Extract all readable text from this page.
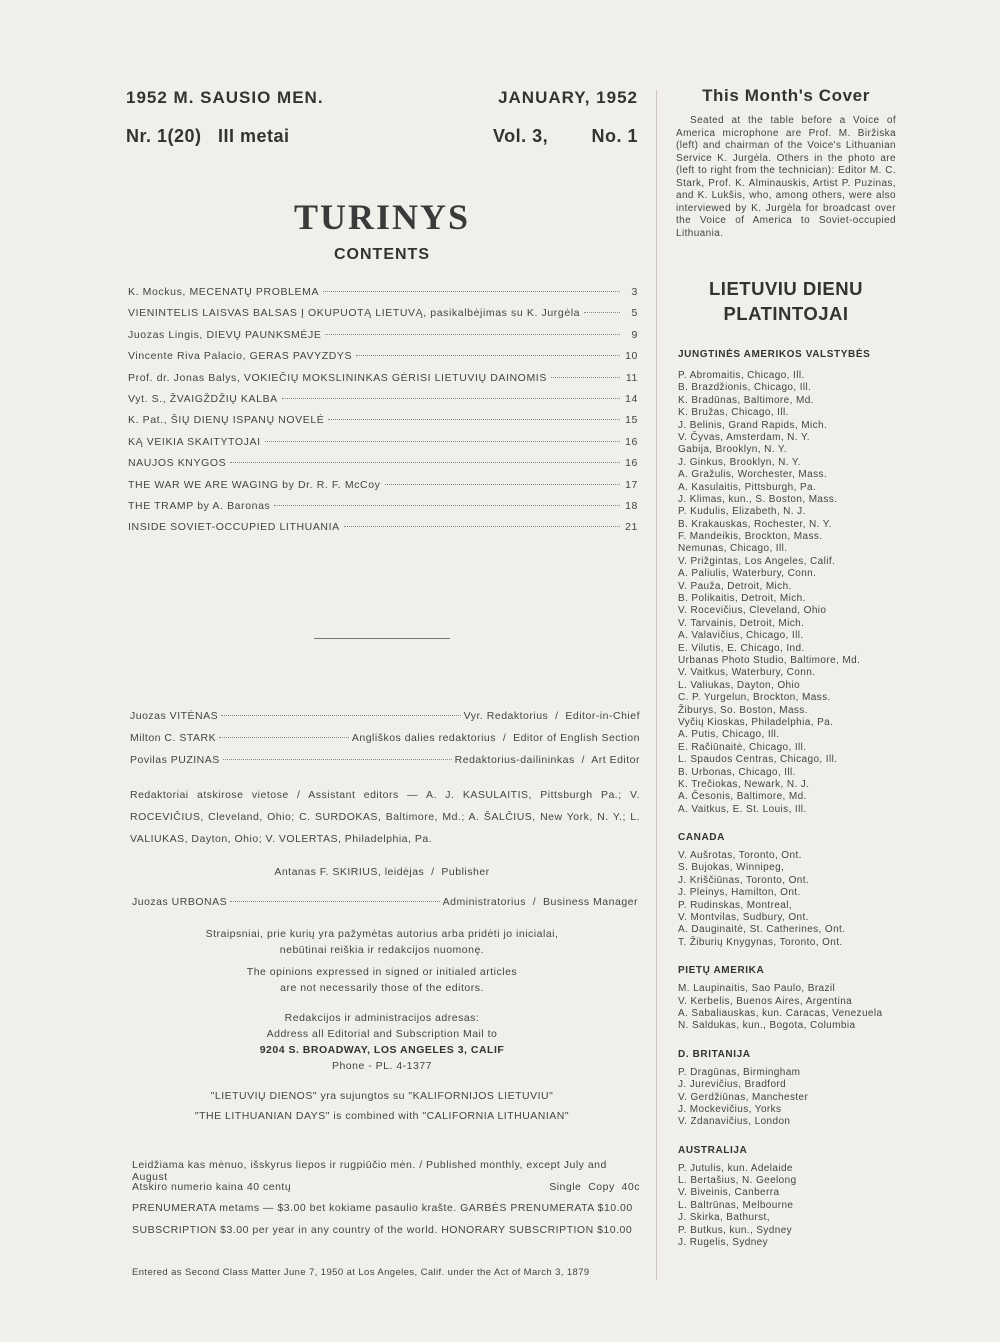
1952 M. SAUSIO MEN.	JANUARY, 1952
Nr. 1(20)   III metai	Vol. 3, No. 1
TURINYS
CONTENTS
K. Mockus, MECENATŲ PROBLEMA	3
VIENINTELIS LAISVAS BALSAS Į OKUPUOTĄ LIETUVĄ, pasikalbėjimas su K. Jurgėla	5
Juozas Lingis, DIEVŲ PAUNKSMĖJE	9
Vincente Riva Palacio, GERAS PAVYZDYS	10
Prof. dr. Jonas Balys, VOKIEČIŲ MOKSLININKAS GĖRISI LIETUVIŲ DAINOMIS	11
Vyt. S., ŽVAIGŽDŽIŲ KALBA	14
K. Pat., ŠIŲ DIENŲ ISPANŲ NOVELĖ	15
KĄ VEIKIA SKAITYTOJAI	16
NAUJOS KNYGOS	16
THE WAR WE ARE WAGING by Dr. R. F. McCoy	17
THE TRAMP by A. Baronas	18
INSIDE SOVIET-OCCUPIED LITHUANIA	21
Juozas VITĖNAS	Vyr. Redaktorius  /  Editor-in-Chief
Milton C. STARK	Angliškos dalies redaktorius  /  Editor of English Section
Povilas PUZINAS	Redaktorius-dailininkas  /  Art Editor
Redaktoriai atskirose vietose / Assistant editors — A. J. KASULAITIS, Pittsburgh Pa.; V. ROCEVIČIUS, Cleveland, Ohio; C. SURDOKAS, Baltimore, Md.; A. ŠALČIUS, New York, N. Y.; L. VALIUKAS, Dayton, Ohio; V. VOLERTAS, Philadelphia, Pa.
Antanas F. SKIRIUS, leidėjas  /  Publisher
Juozas URBONAS	Administratorius  /  Business Manager
Straipsniai, prie kurių yra pažymėtas autorius arba pridėti jo inicialai,
nebūtinai reiškia ir redakcijos nuomonę.
The opinions expressed in signed or initialed articles
are not necessarily those of the editors.
Redakcijos ir administracijos adresas:
Address all Editorial and Subscription Mail to
9204 S. BROADWAY, LOS ANGELES 3, CALIF
Phone - PL. 4-1377
"LIETUVIŲ DIENOS" yra sujungtos su "KALIFORNIJOS LIETUVIU"
"THE LITHUANIAN DAYS" is combined with "CALIFORNIA LITHUANIAN"
Leidžiama kas mėnuo, išskyrus liepos ir rugpiūčio mėn. / Published monthly, except July and August
Atskiro numerio kaina 40 centų	Single  Copy  40c
PRENUMERATA metams — $3.00 bet kokiame pasaulio krašte. GARBĖS PRENUMERATA $10.00
SUBSCRIPTION $3.00 per year in any country of the world. HONORARY SUBSCRIPTION $10.00
Entered as Second Class Matter June 7, 1950 at Los Angeles, Calif. under the Act of March 3, 1879
This Month's Cover
Seated at the table before a Voice of America microphone are Prof. M. Biržiska (left) and chairman of the Voice's Lithuanian Service K. Jurgėla. Others in the photo are (left to right from the technician): Editor M. C. Stark, Prof. K. Alminauskis, Artist P. Puzinas, and K. Lukšis, who, among others, were also interviewed by K. Jurgėla for broadcast over the Voice of America to Soviet-occupied Lithuania.
LIETUVIU DIENU
PLATINTOJAI
JUNGTINĖS AMERIKOS VALSTYBĖS
P. Abromaitis, Chicago, Ill.
B. Brazdžionis, Chicago, Ill.
K. Bradūnas, Baltimore, Md.
K. Bružas, Chicago, Ill.
J. Belinis, Grand Rapids, Mich.
V. Čyvas, Amsterdam, N. Y.
Gabija, Brooklyn, N. Y.
J. Ginkus, Brooklyn, N. Y.
A. Gražulis, Worchester, Mass.
A. Kasulaitis, Pittsburgh, Pa.
J. Klimas, kun., S. Boston, Mass.
P. Kudulis, Elizabeth, N. J.
B. Krakauskas, Rochester, N. Y.
F. Mandeikis, Brockton, Mass.
Nemunas, Chicago, Ill.
V. Prižgintas, Los Angeles, Calif.
A. Paliulis, Waterbury, Conn.
V. Pauža, Detroit, Mich.
B. Polikaitis, Detroit, Mich.
V. Rocevičius, Cleveland, Ohio
V. Tarvainis, Detroit, Mich.
A. Valavičius, Chicago, Ill.
E. Vilutis, E. Chicago, Ind.
Urbanas Photo Studio, Baltimore, Md.
V. Vaitkus, Waterbury, Conn.
L. Valiukas, Dayton, Ohio
C. P. Yurgelun, Brockton, Mass.
Žiburys, So. Boston, Mass.
Vyčių Kioskas, Philadelphia, Pa.
A. Putis, Chicago, Ill.
E. Račiūnaitė, Chicago, Ill.
L. Spaudos Centras, Chicago, Ill.
B. Urbonas, Chicago, Ill.
K. Trečiokas, Newark, N. J.
A. Česonis, Baltimore, Md.
A. Vaitkus, E. St. Louis, Ill.
CANADA
V. Aušrotas, Toronto, Ont.
S. Bujokas, Winnipeg,
J. Kriščiūnas, Toronto, Ont.
J. Pleinys, Hamilton, Ont.
P. Rudinskas, Montreal,
V. Montvilas, Sudbury, Ont.
A. Dauginaitė, St. Catherines, Ont.
T. Žiburių Knygynas, Toronto, Ont.
PIETŲ AMERIKA
M. Laupinaitis, Sao Paulo, Brazil
V. Kerbelis, Buenos Aires, Argentina
A. Sabaliauskas, kun. Caracas, Venezuela
N. Saldukas, kun., Bogota, Columbia
D. BRITANIJA
P. Dragūnas, Birmingham
J. Jurevičius, Bradford
V. Gerdžiūnas, Manchester
J. Mockevičius, Yorks
V. Zdanavičius, London
AUSTRALIJA
P. Jutulis, kun. Adelaide
L. Bertašius, N. Geelong
V. Biveinis, Canberra
L. Baltrūnas, Melbourne
J. Skirka, Bathurst,
P. Butkus, kun., Sydney
J. Rugelis, Sydney
